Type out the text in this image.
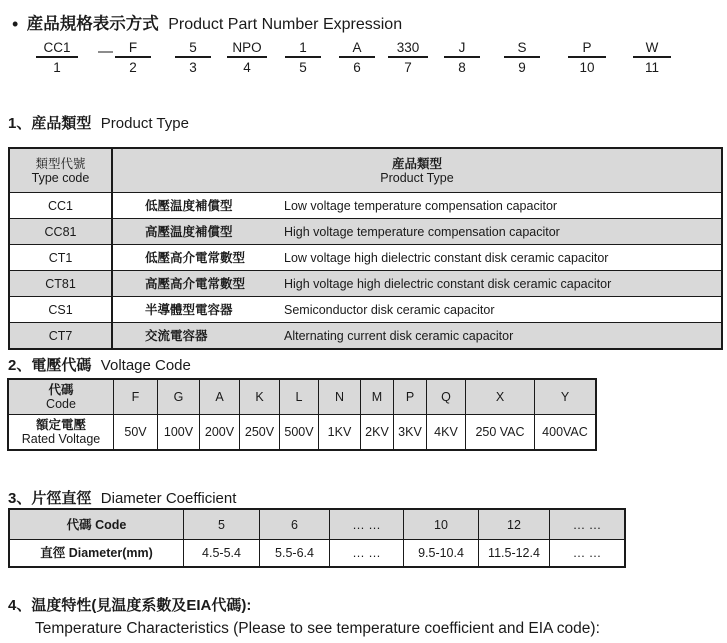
• 産品規格表示方式 Product Part Number Expression
CC1
1
—	F
2
5
3
NPO
4
1
5
A
6
330
7
J
8
S
9
P
10
W
11
1、産品類型 Product Type
類型代號
Type code
産品類型
Product Type
CC1	低壓温度補償型	Low voltage temperature compensation capacitor
CC81	高壓温度補償型	High voltage temperature compensation capacitor
CT1	低壓高介電常數型	Low voltage high dielectric constant disk ceramic capacitor
CT81	高壓高介電常數型	High voltage high dielectric constant disk ceramic capacitor
CS1	半導體型電容器	Semiconductor disk ceramic capacitor
CT7	交流電容器	Alternating current disk ceramic capacitor
2、電壓代碼 Voltage Code
代碼
Code	F	G	A	K	L	N	M	P	Q	X	Y
額定電壓
Rated Voltage	50V	100V 200V 250V 500V	1KV	2KV 3KV 4KV	250 VAC	400VAC
3、片徑直徑 Diameter Coefficient
代碼 Code	5	6	… …	10	12	… …
直徑 Diameter(mm)	4.5-5.4	5.5-6.4	… …	9.5-10.4	11.5-12.4	… …
4、温度特性(見温度系數及EIA代碼):
Temperature Characteristics (Please to see temperature coefficient and EIA code):
